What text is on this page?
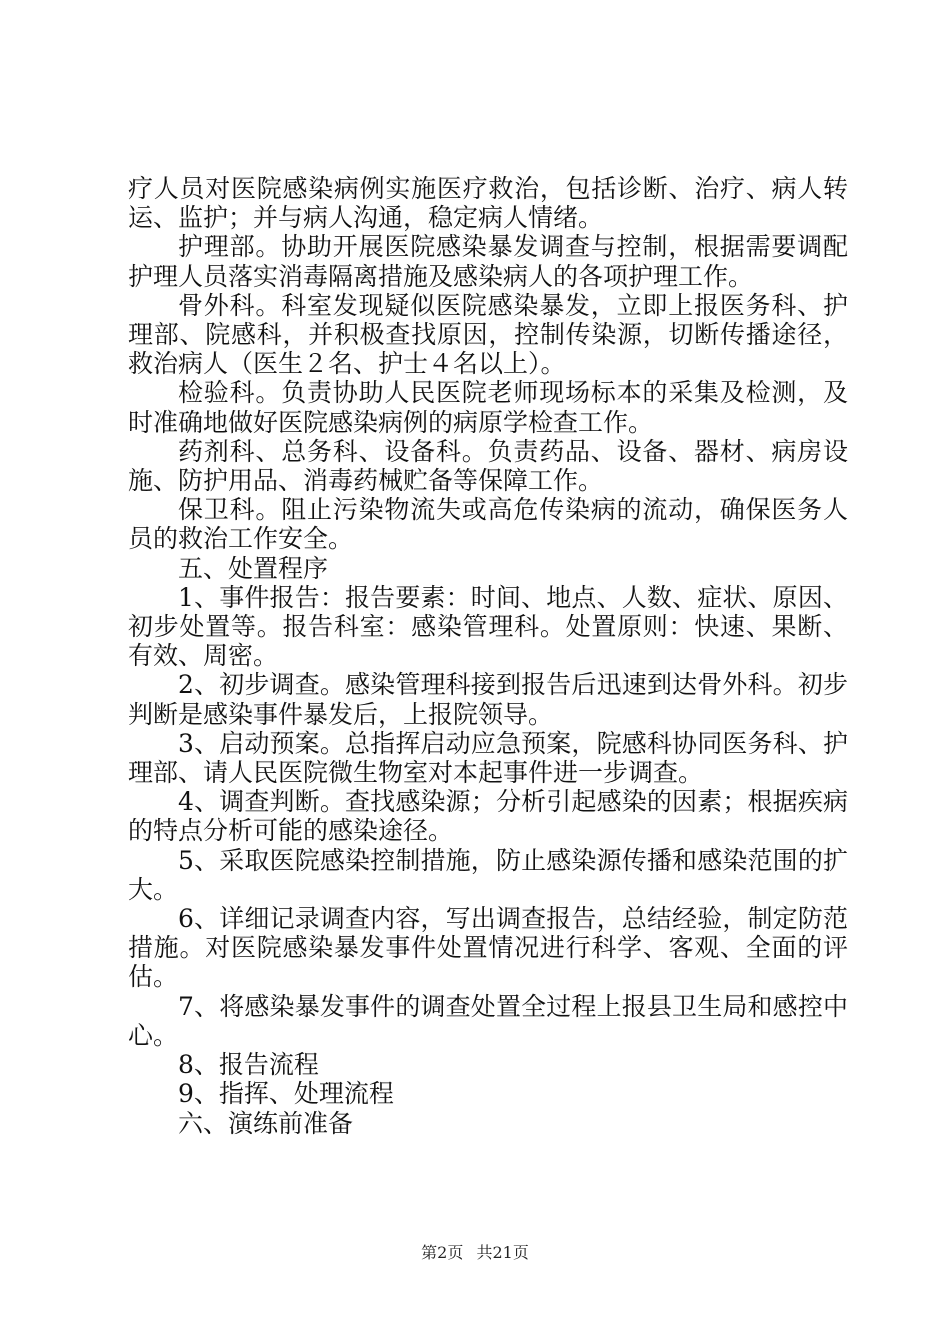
疗人员对医院感染病例实施医疗救治，包括诊断、治疗、病人转运、监护；并与病人沟通，稳定病人情绪。

护理部。协助开展医院感染暴发调查与控制，根据需要调配护理人员落实消毒隔离措施及感染病人的各项护理工作。

骨外科。科室发现疑似医院感染暴发，立即上报医务科、护理部、院感科，并积极查找原因，控制传染源，切断传播途径，救治病人（医生２名、护士４名以上）。

检验科。负责协助人民医院老师现场标本的采集及检测，及时准确地做好医院感染病例的病原学检查工作。

药剂科、总务科、设备科。负责药品、设备、器材、病房设施、防护用品、消毒药械贮备等保障工作。

保卫科。阻止污染物流失或高危传染病的流动，确保医务人员的救治工作安全。

五、处置程序

1、事件报告：报告要素：时间、地点、人数、症状、原因、初步处置等。报告科室：感染管理科。处置原则：快速、果断、有效、周密。

2、初步调查。感染管理科接到报告后迅速到达骨外科。初步判断是感染事件暴发后，上报院领导。

3、启动预案。总指挥启动应急预案，院感科协同医务科、护理部、请人民医院微生物室对本起事件进一步调查。

4、调查判断。查找感染源；分析引起感染的因素；根据疾病的特点分析可能的感染途径。

5、采取医院感染控制措施，防止感染源传播和感染范围的扩大。

6、详细记录调查内容，写出调查报告，总结经验，制定防范措施。对医院感染暴发事件处置情况进行科学、客观、全面的评估。

7、将感染暴发事件的调查处置全过程上报县卫生局和感控中心。

8、报告流程

9、指挥、处理流程

六、演练前准备

第2页 共21页
